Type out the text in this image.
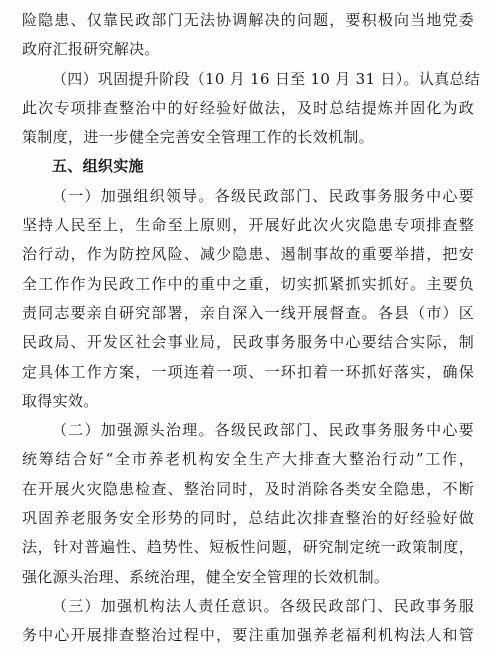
险隐患、仅靠民政部门无法协调解决的问题，要积极向当地党委
政府汇报研究解决。
（四）巩固提升阶段（10 月 16 日至 10 月 31 日）。认真总结
此次专项排查整治中的好经验好做法，及时总结提炼并固化为政
策制度，进一步健全完善安全管理工作的长效机制。
五、组织实施
（一）加强组织领导。各级民政部门、民政事务服务中心要
坚持人民至上，生命至上原则，开展好此次火灾隐患专项排查整
治行动，作为防控风险、减少隐患、遏制事故的重要举措，把安
全工作作为民政工作中的重中之重，切实抓紧抓实抓好。主要负
责同志要亲自研究部署，亲自深入一线开展督查。各县（市）区
民政局、开发区社会事业局，民政事务服务中心要结合实际，制
定具体工作方案，一项连着一项、一环扣着一环抓好落实，确保
取得实效。
（二）加强源头治理。各级民政部门、民政事务服务中心要
统筹结合好“全市养老机构安全生产大排查大整治行动”工作，
在开展火灾隐患检查、整治同时，及时消除各类安全隐患，不断
巩固养老服务安全形势的同时，总结此次排查整治的好经验好做
法，针对普遍性、趋势性、短板性问题，研究制定统一政策制度，
强化源头治理、系统治理，健全安全管理的长效机制。
（三）加强机构法人责任意识。各级民政部门、民政事务服
务中心开展排查整治过程中，要注重加强养老福利机构法人和管
